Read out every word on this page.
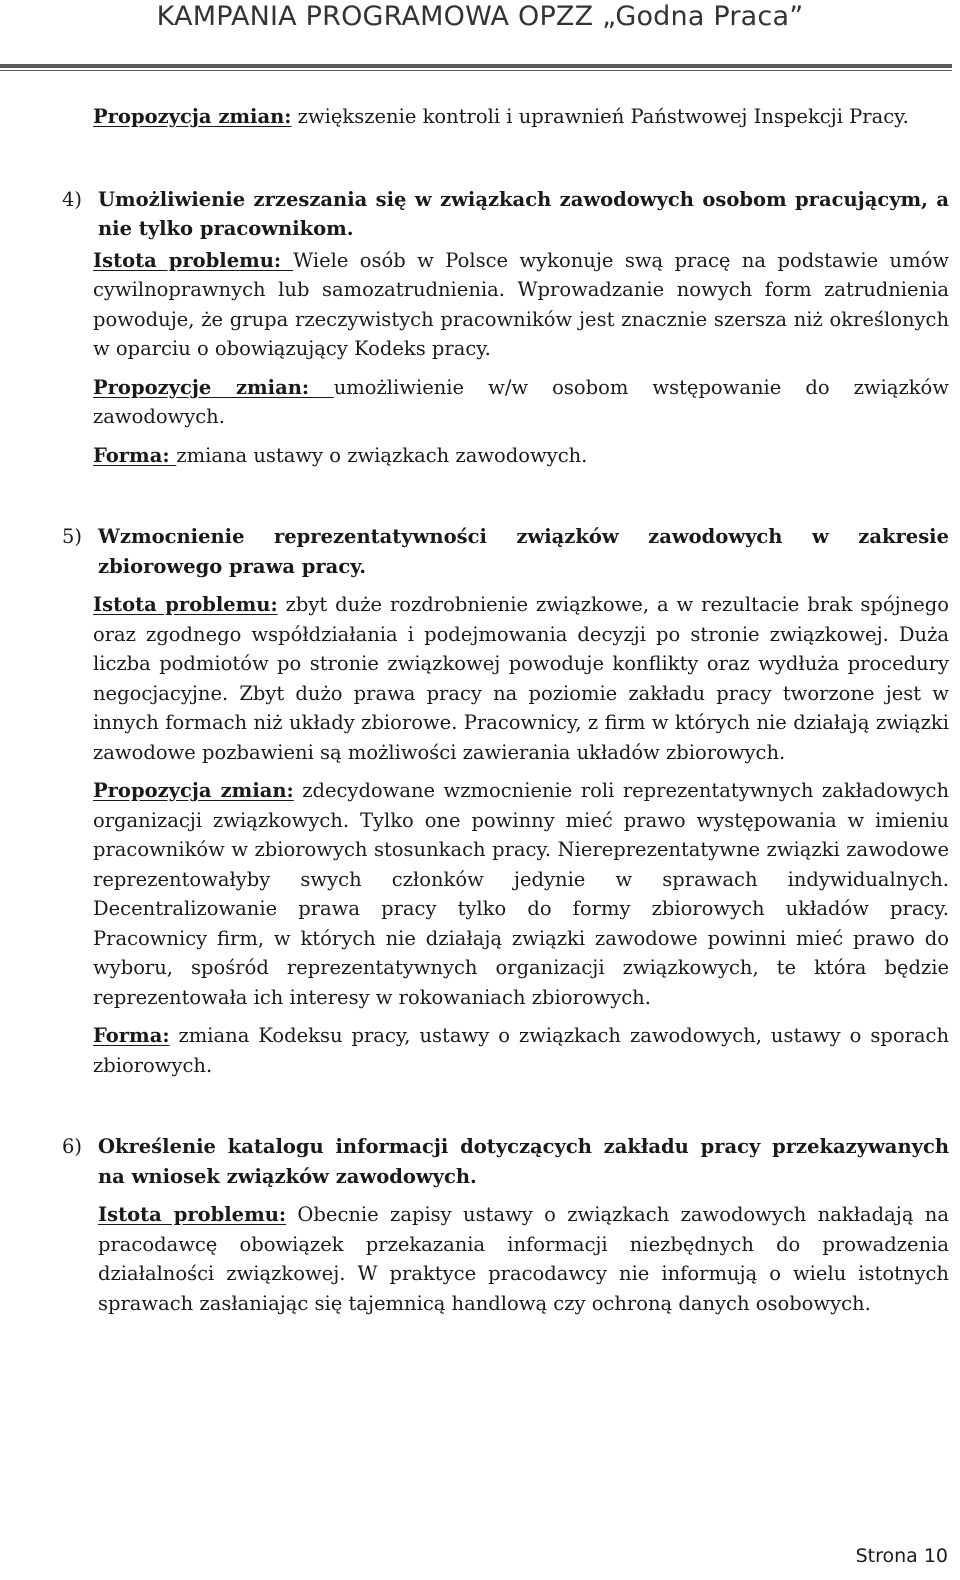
KAMPANIA PROGRAMOWA OPZZ „Godna Praca”

Propozycja zmian: zwiększenie kontroli i uprawnień Państwowej Inspekcji Pracy.

4) Umożliwienie zrzeszania się w związkach zawodowych osobom pracującym, a nie tylko pracownikom.

Istota problemu: Wiele osób w Polsce wykonuje swą pracę na podstawie umów cywilnoprawnych lub samozatrudnienia. Wprowadzanie nowych form zatrudnienia powoduje, że grupa rzeczywistych pracowników jest znacznie szersza niż określonych w oparciu o obowiązujący Kodeks pracy.

Propozycje zmian: umożliwienie w/w osobom wstępowanie do związków zawodowych.

Forma: zmiana ustawy o związkach zawodowych.

5) Wzmocnienie reprezentatywności związków zawodowych w zakresie zbiorowego prawa pracy.

Istota problemu: zbyt duże rozdrobnienie związkowe, a w rezultacie brak spójnego oraz zgodnego współdziałania i podejmowania decyzji po stronie związkowej. Duża liczba podmiotów po stronie związkowej powoduje konflikty oraz wydłuża procedury negocjacyjne. Zbyt dużo prawa pracy na poziomie zakładu pracy tworzone jest w innych formach niż układy zbiorowe. Pracownicy, z firm w których nie działają związki zawodowe pozbawieni są możliwości zawierania układów zbiorowych.

Propozycja zmian: zdecydowane wzmocnienie roli reprezentatywnych zakładowych organizacji związkowych. Tylko one powinny mieć prawo występowania w imieniu pracowników w zbiorowych stosunkach pracy. Niereprezentatywne związki zawodowe reprezentowałyby swych członków jedynie w sprawach indywidualnych. Decentralizowanie prawa pracy tylko do formy zbiorowych układów pracy. Pracownicy firm, w których nie działają związki zawodowe powinni mieć prawo do wyboru, spośród reprezentatywnych organizacji związkowych, te która będzie reprezentowała ich interesy w rokowaniach zbiorowych.

Forma: zmiana Kodeksu pracy, ustawy o związkach zawodowych, ustawy o sporach zbiorowych.

6) Określenie katalogu informacji dotyczących zakładu pracy przekazywanych na wniosek związków zawodowych.

Istota problemu: Obecnie zapisy ustawy o związkach zawodowych nakładają na pracodawcę obowiązek przekazania informacji niezbędnych do prowadzenia działalności związkowej. W praktyce pracodawcy nie informują o wielu istotnych sprawach zasłaniając się tajemnicą handlową czy ochroną danych osobowych.

Strona 10
